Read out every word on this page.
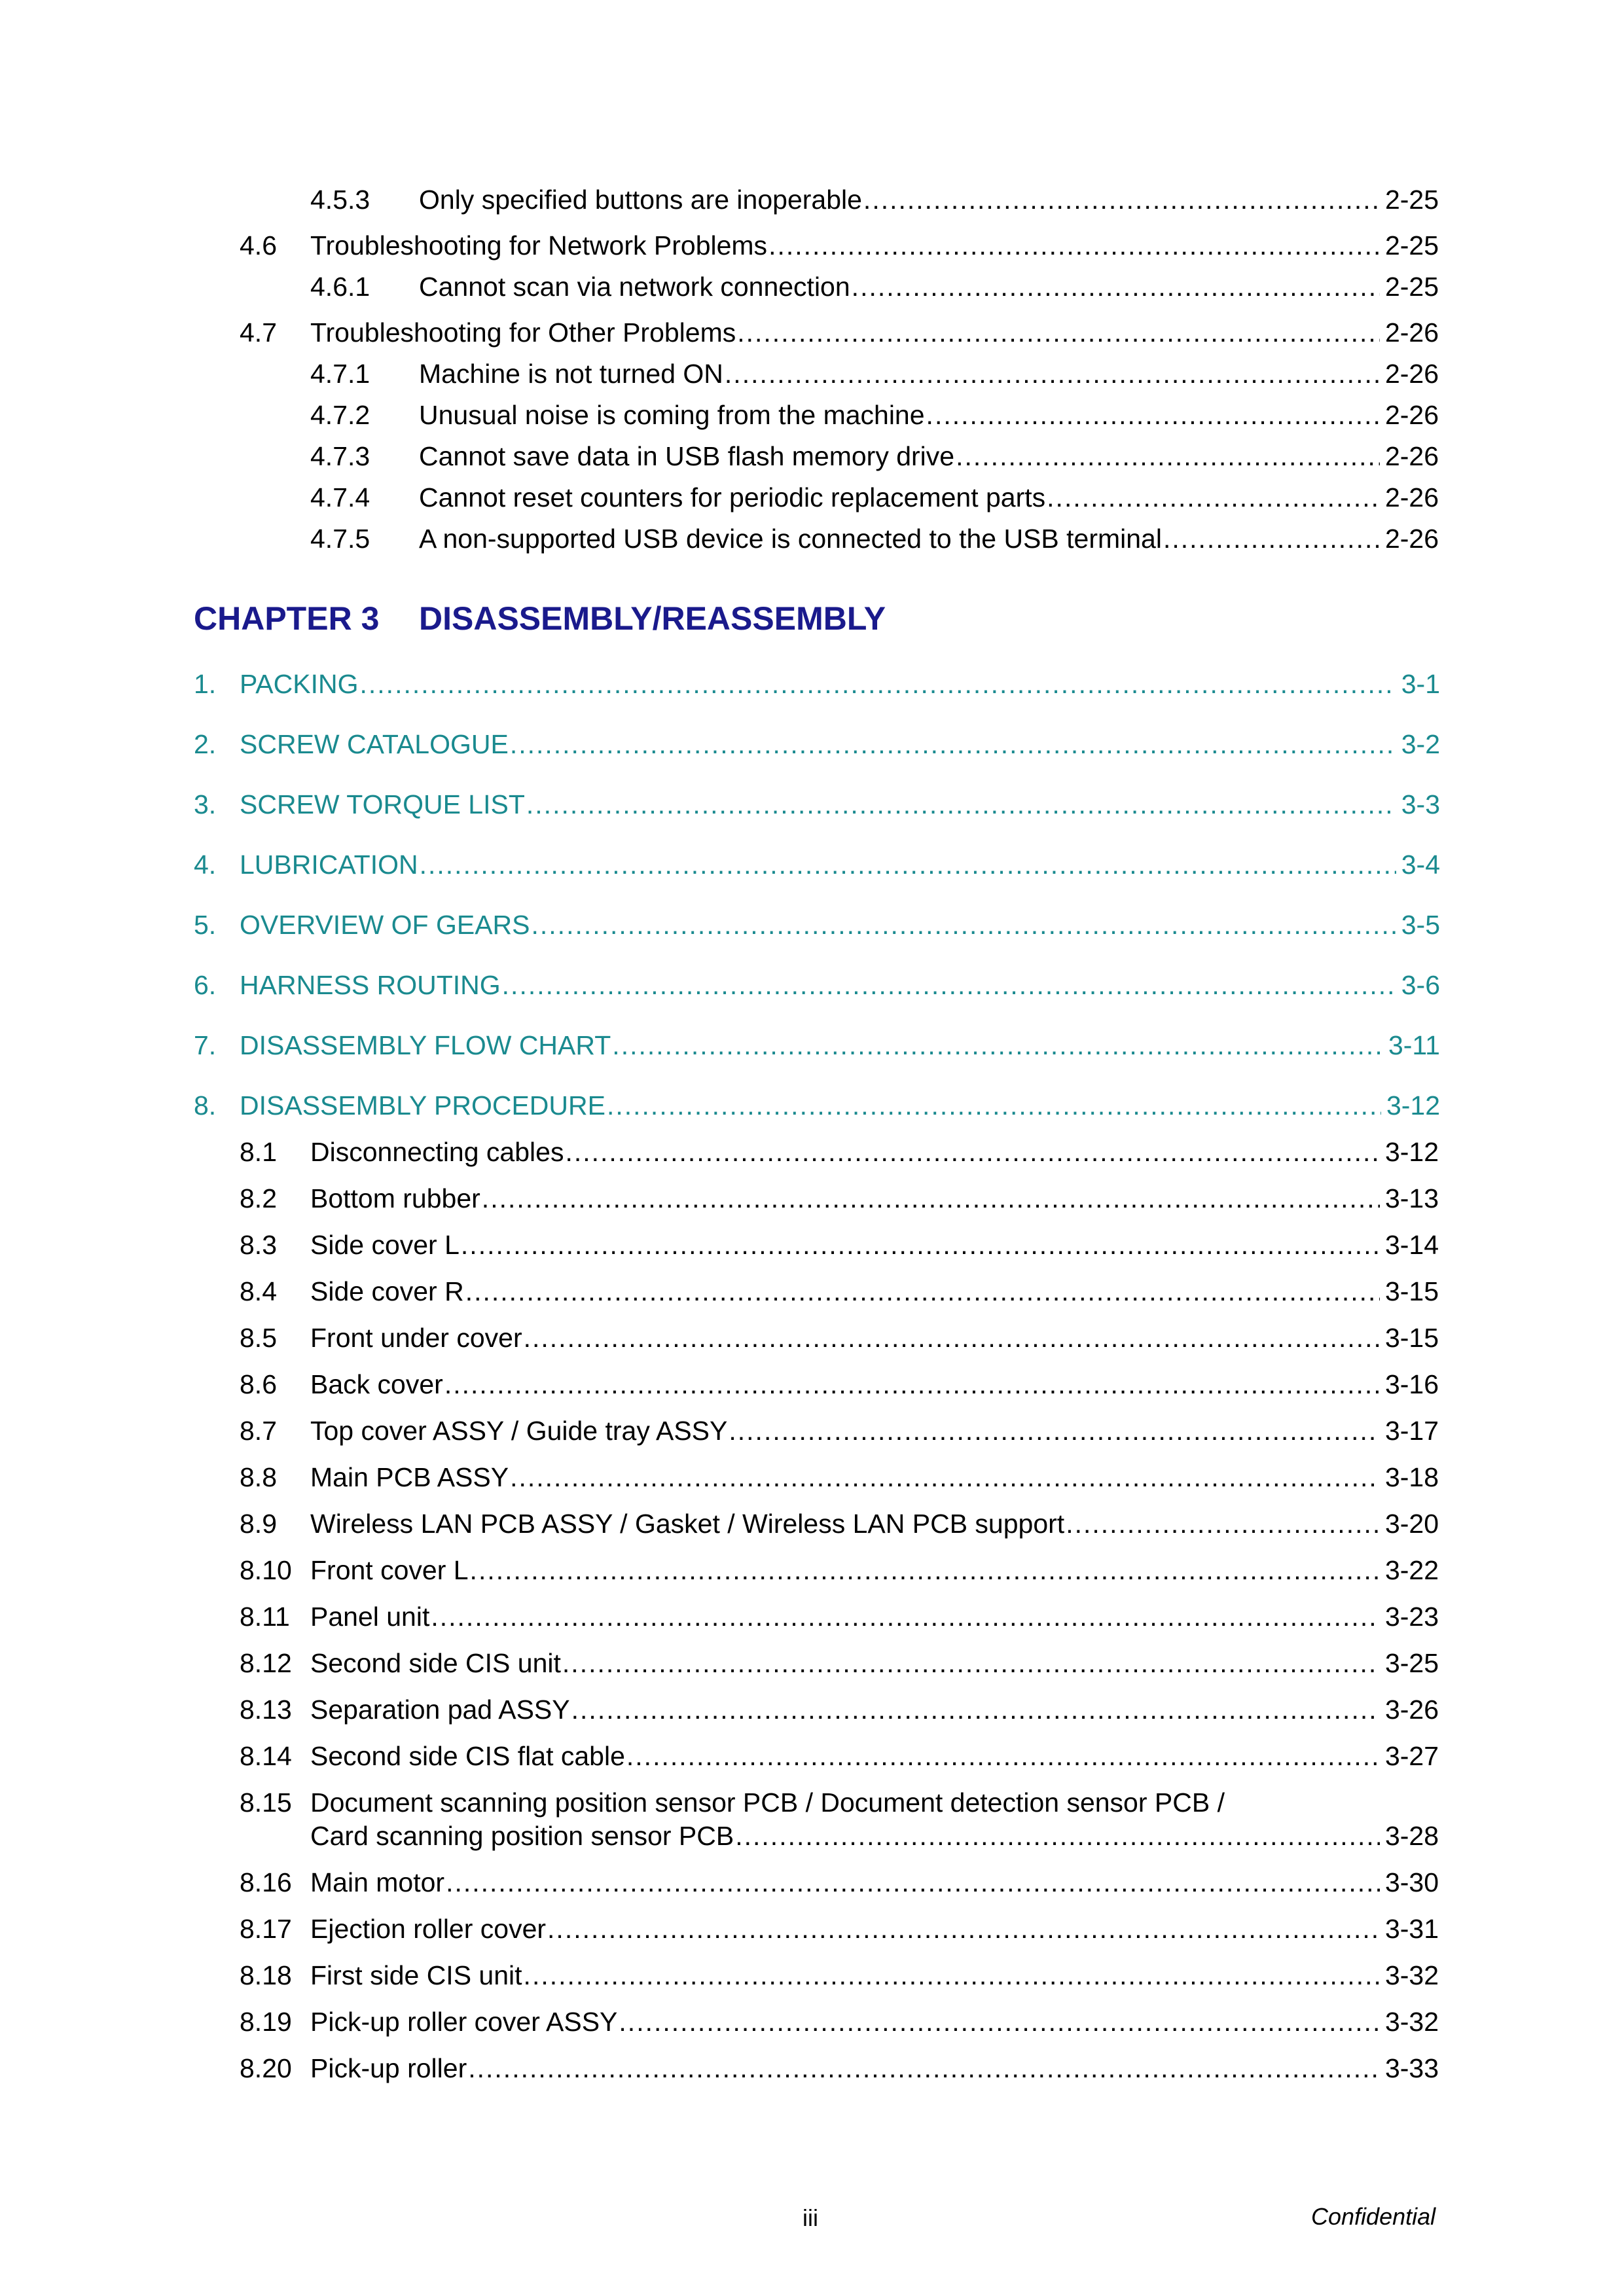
4.5.3	Only specified buttons are inoperable .....	2-25
4.6	Troubleshooting for Network Problems .....	2-25
4.6.1	Cannot scan via network connection .....	2-25
4.7	Troubleshooting for Other Problems .....	2-26
4.7.1	Machine is not turned ON .....	2-26
4.7.2	Unusual noise is coming from the machine .....	2-26
4.7.3	Cannot save data in USB flash memory drive .....	2-26
4.7.4	Cannot reset counters for periodic replacement parts .....	2-26
4.7.5	A non-supported USB device is connected to the USB terminal .....	2-26
CHAPTER 3 DISASSEMBLY/REASSEMBLY
1. PACKING .....	3-1
2. SCREW CATALOGUE .....	3-2
3. SCREW TORQUE LIST .....	3-3
4. LUBRICATION .....	3-4
5. OVERVIEW OF GEARS .....	3-5
6. HARNESS ROUTING .....	3-6
7. DISASSEMBLY FLOW CHART .....	3-11
8. DISASSEMBLY PROCEDURE .....	3-12
8.1	Disconnecting cables .....	3-12
8.2	Bottom rubber .....	3-13
8.3	Side cover L .....	3-14
8.4	Side cover R .....	3-15
8.5	Front under cover .....	3-15
8.6	Back cover .....	3-16
8.7	Top cover ASSY / Guide tray ASSY .....	3-17
8.8	Main PCB ASSY .....	3-18
8.9	Wireless LAN PCB ASSY / Gasket / Wireless LAN PCB support .....	3-20
8.10 Front cover L .....	3-22
8.11 Panel unit .....	3-23
8.12 Second side CIS unit .....	3-25
8.13 Separation pad ASSY .....	3-26
8.14 Second side CIS flat cable .....	3-27
8.15 Document scanning position sensor PCB / Document detection sensor PCB /
Card scanning position sensor PCB .....	3-28
8.16 Main motor .....	3-30
8.17 Ejection roller cover .....	3-31
8.18 First side CIS unit .....	3-32
8.19 Pick-up roller cover ASSY .....	3-32
8.20 Pick-up roller .....	3-33
iii	Confidential
